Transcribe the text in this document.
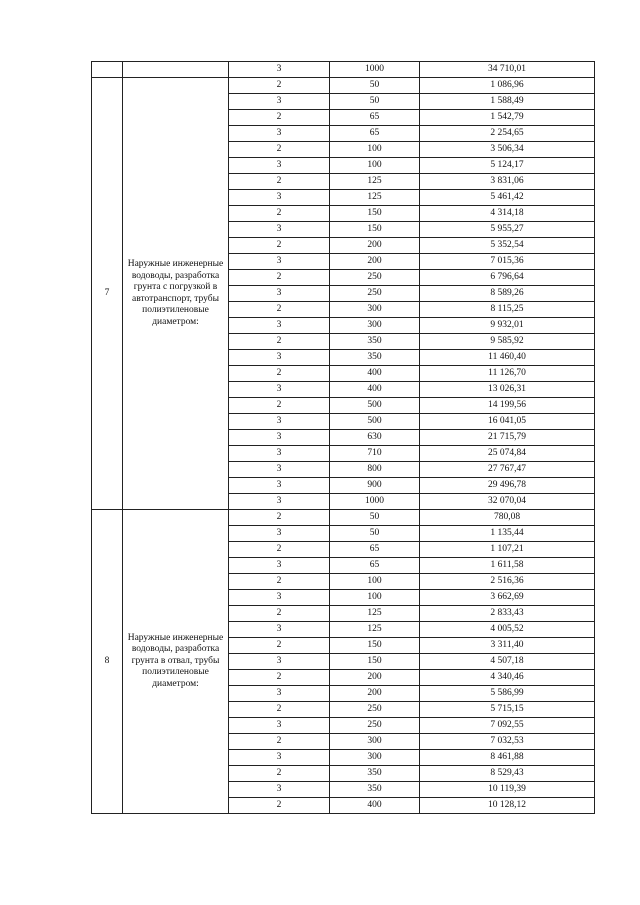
		3	1000	34 710,01
7	Наружные инженерные водоводы, разработка грунта с погрузкой в автотранспорт, трубы полиэтиленовые диаметром:	2	50	1 086,96
		3	50	1 588,49
		2	65	1 542,79
		3	65	2 254,65
		2	100	3 506,34
		3	100	5 124,17
		2	125	3 831,06
		3	125	5 461,42
		2	150	4 314,18
		3	150	5 955,27
		2	200	5 352,54
		3	200	7 015,36
		2	250	6 796,64
		3	250	8 589,26
		2	300	8 115,25
		3	300	9 932,01
		2	350	9 585,92
		3	350	11 460,40
		2	400	11 126,70
		3	400	13 026,31
		2	500	14 199,56
		3	500	16 041,05
		3	630	21 715,79
		3	710	25 074,84
		3	800	27 767,47
		3	900	29 496,78
		3	1000	32 070,04
8	Наружные инженерные водоводы, разработка грунта в отвал, трубы полиэтиленовые диаметром:	2	50	780,08
		3	50	1 135,44
		2	65	1 107,21
		3	65	1 611,58
		2	100	2 516,36
		3	100	3 662,69
		2	125	2 833,43
		3	125	4 005,52
		2	150	3 311,40
		3	150	4 507,18
		2	200	4 340,46
		3	200	5 586,99
		2	250	5 715,15
		3	250	7 092,55
		2	300	7 032,53
		3	300	8 461,88
		2	350	8 529,43
		3	350	10 119,39
		2	400	10 128,12
